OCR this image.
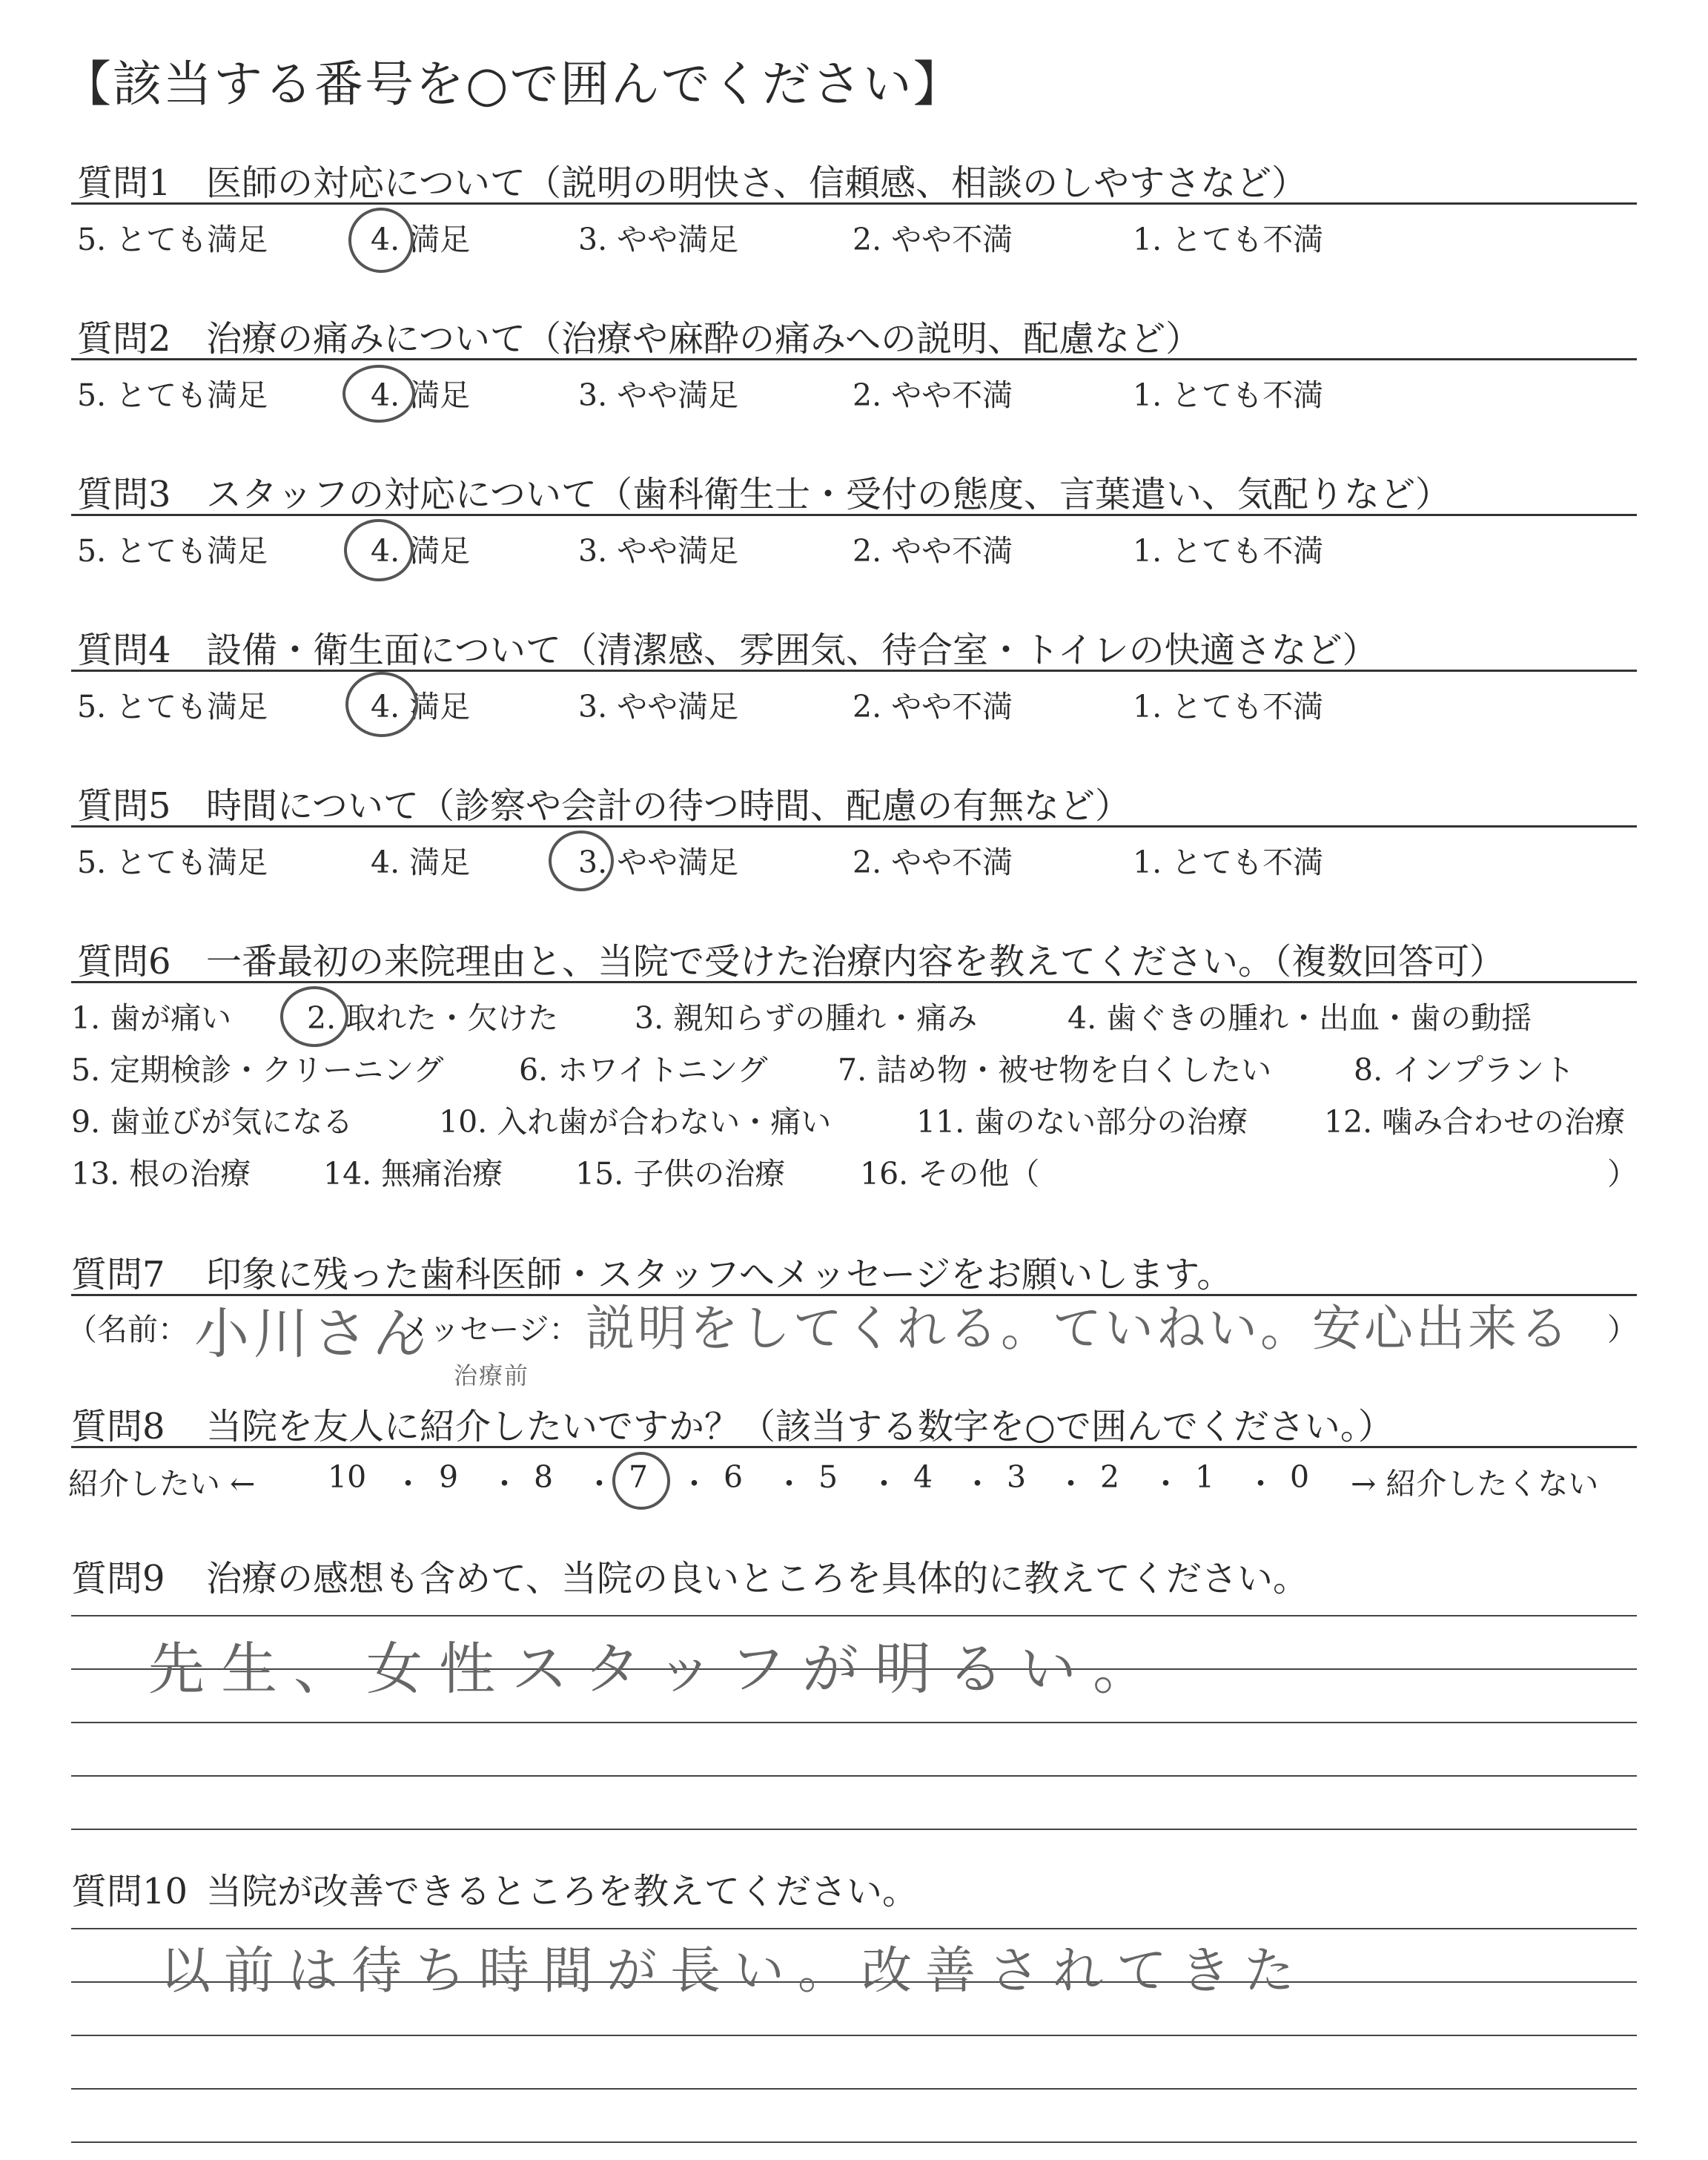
【該当する番号を○で囲んでください】
質問1 医師の対応について（説明の明快さ、信頼感、相談のしやすさなど）
5. とても満足	4. 満足	3. やや満足	2. やや不満	1. とても不満
質問2 治療の痛みについて（治療や麻酔の痛みへの説明、配慮など）
5. とても満足	4. 満足	3. やや満足	2. やや不満	1. とても不満
質問3 スタッフの対応について（歯科衛生士・受付の態度、言葉遣い、気配りなど）
5. とても満足	4. 満足	3. やや満足	2. やや不満	1. とても不満
質問4 設備・衛生面について（清潔感、雰囲気、待合室・トイレの快適さなど）
5. とても満足	4. 満足	3. やや満足	2. やや不満	1. とても不満
質問5 時間について（診察や会計の待つ時間、配慮の有無など）
5. とても満足	4. 満足	3. やや満足	2. やや不満	1. とても不満
質問6 一番最初の来院理由と、当院で受けた治療内容を教えてください。（複数回答可）
1. 歯が痛い 2. 取れた・欠けた	3. 親知らずの腫れ・痛み	4. 歯ぐきの腫れ・出血・歯の動揺
5. 定期検診・クリーニング 6. ホワイトニング 7. 詰め物・被せ物を白くしたい	8. インプラント
9. 歯並びが気になる	10. 入れ歯が合わない・痛い	11. 歯のない部分の治療	12. 噛み合わせの治療
13. 根の治療 14. 無痛治療 15. 子供の治療 16. その他（	）
質問7 印象に残った歯科医師・スタッフへメッセージをお願いします。
（名前：	メッセージ：	）
小川さん
治療前
説明をしてくれる。ていねい。安心出来る
質問8 当院を友人に紹介したいですか？（該当する数字を○で囲んでください。）
紹介したい ←	→ 紹介したくない
10 ・ 9 ・ 8 ・ 7 ・ 6 ・ 5 ・ 4 ・ 3 ・ 2 ・ 1 ・ 0
質問9 治療の感想も含めて、当院の良いところを具体的に教えてください。
先生、女性スタッフが明るい。
質問10 当院が改善できるところを教えてください。
以前は待ち時間が長い。改善されてきた
